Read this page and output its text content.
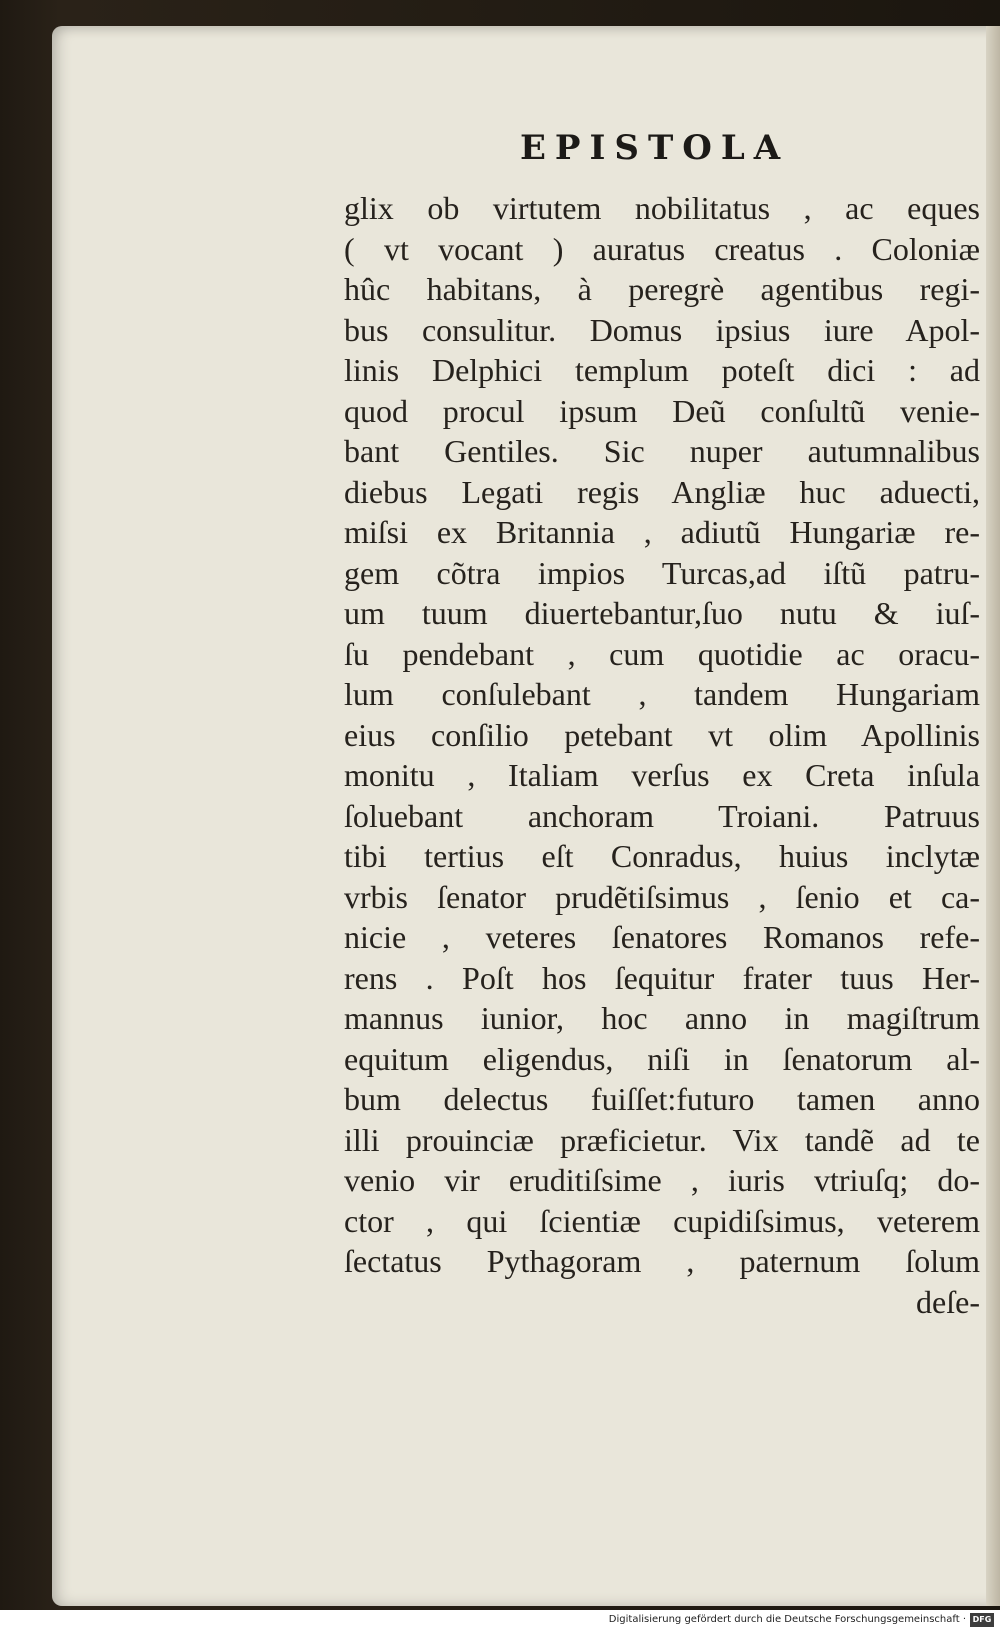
EPISTOLA
glix ob virtutem nobilitatus , ac eques
( vt vocant ) auratus creatus . Coloniæ
hûc habitans, à peregrè agentibus regi-
bus consulitur. Domus ipsius iure Apol-
linis Delphici templum poteſt dici : ad
quod procul ipsum Deũ conſultũ venie-
bant Gentiles. Sic nuper autumnalibus
diebus Legati regis Angliæ huc aduecti,
miſsi ex Britannia , adiutũ Hungariæ re-
gem cõtra impios Turcas,ad iſtũ patru-
um tuum diuertebantur,ſuo nutu & iuſ-
ſu pendebant , cum quotidie ac oracu-
lum conſulebant , tandem Hungariam
eius conſilio petebant vt olim Apollinis
monitu , Italiam verſus ex Creta inſula
ſoluebant anchoram Troiani. Patruus
tibi tertius eſt Conradus, huius inclytæ
vrbis ſenator prudẽtiſsimus , ſenio et ca-
nicie , veteres ſenatores Romanos refe-
rens . Poſt hos ſequitur frater tuus Her-
mannus iunior, hoc anno in magiſtrum
equitum eligendus, niſi in ſenatorum al-
bum delectus fuiſſet:futuro tamen anno
illi prouinciæ præficietur. Vix tandẽ ad te
venio vir eruditiſsime , iuris vtriuſq; do-
ctor , qui ſcientiæ cupidiſsimus, veterem
ſectatus Pythagoram , paternum ſolum
deſe-
Digitalisierung gefördert durch die Deutsche Forschungsgemeinschaft · DFG
